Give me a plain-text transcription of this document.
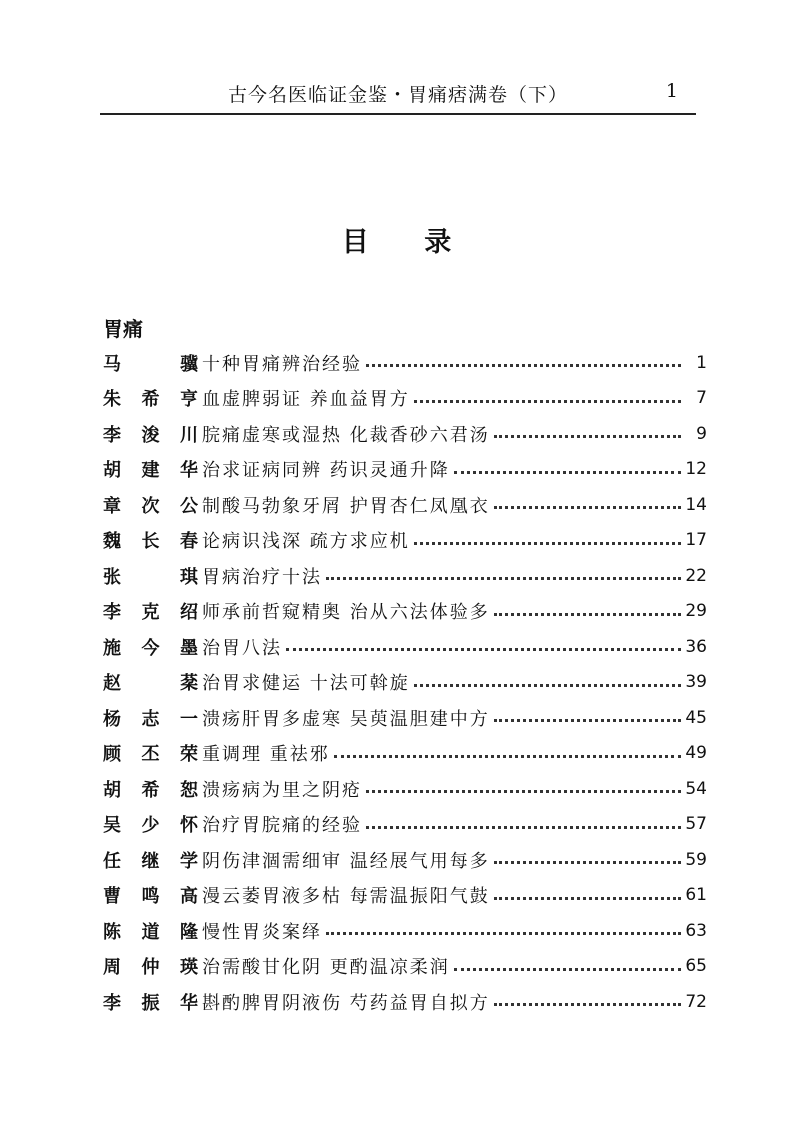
古今名医临证金鉴・胃痛痞满卷（下）	1
目 录
胃痛
马骥 十种胃痛辨治经验	1
朱希亨 血虚脾弱证 养血益胃方	7
李浚川 脘痛虚寒或湿热 化裁香砂六君汤	9
胡建华 治求证病同辨 药识灵通升降	12
章次公 制酸马勃象牙屑 护胃杏仁凤凰衣	14
魏长春 论病识浅深 疏方求应机	17
张琪 胃病治疗十法	22
李克绍 师承前哲窥精奥 治从六法体验多	29
施今墨 治胃八法	36
赵棻 治胃求健运 十法可斡旋	39
杨志一 溃疡肝胃多虚寒 吴萸温胆建中方	45
顾丕荣 重调理 重祛邪	49
胡希恕 溃疡病为里之阴疮	54
吴少怀 治疗胃脘痛的经验	57
任继学 阴伤津涸需细审 温经展气用每多	59
曹鸣高 漫云萎胃液多枯 每需温振阳气鼓	61
陈道隆 慢性胃炎案绎	63
周仲瑛 治需酸甘化阴 更酌温凉柔润	65
李振华 斟酌脾胃阴液伤 芍药益胃自拟方	72
